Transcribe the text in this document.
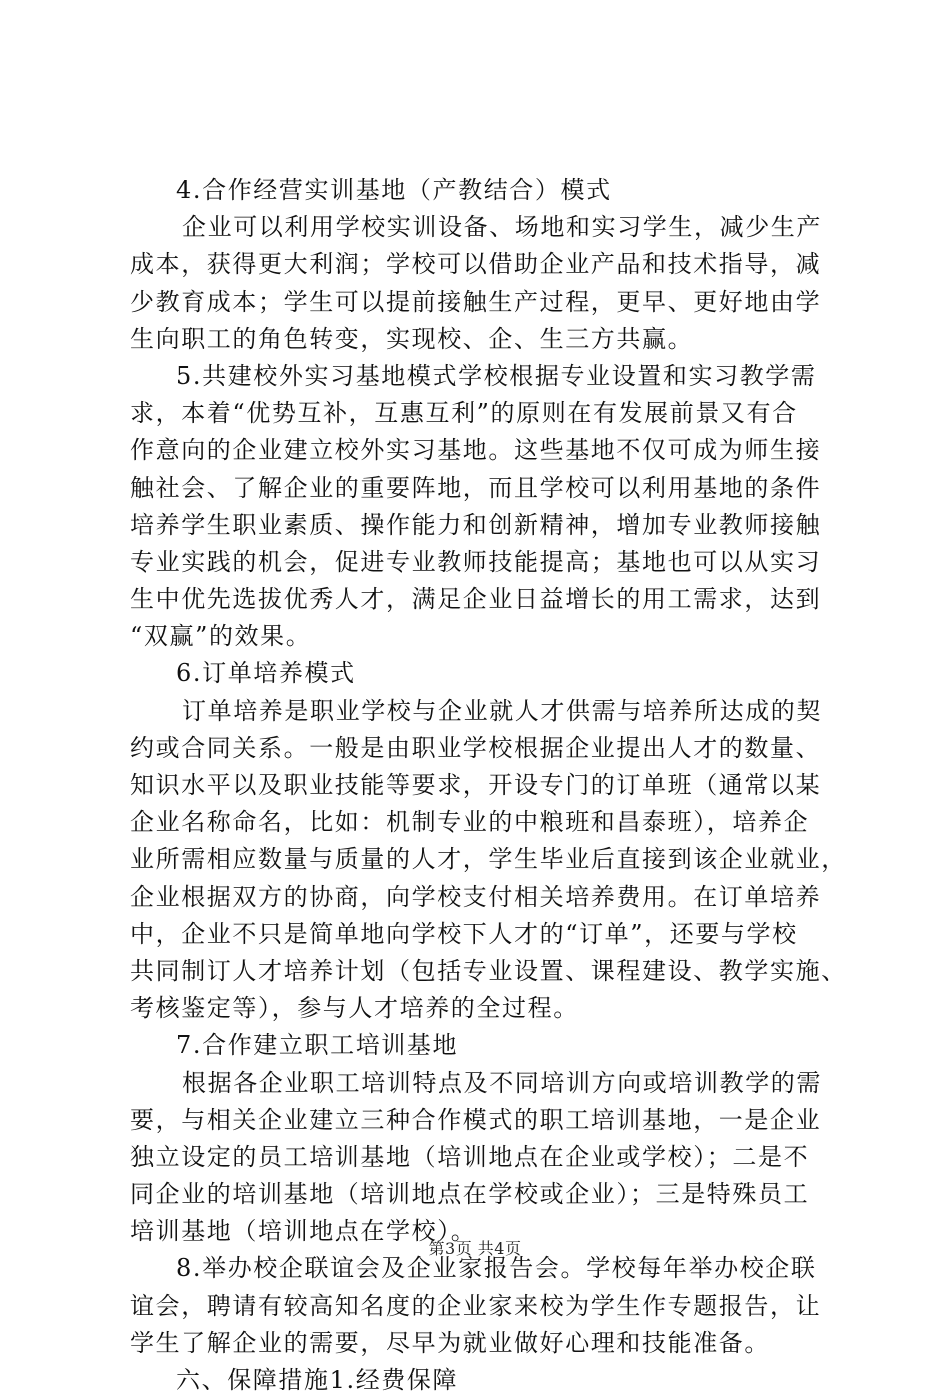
4.合作经营实训基地（产教结合）模式
企业可以利用学校实训设备、场地和实习学生，减少生产
成本，获得更大利润；学校可以借助企业产品和技术指导，减
少教育成本；学生可以提前接触生产过程，更早、更好地由学
生向职工的角色转变，实现校、企、生三方共赢。
5.共建校外实习基地模式学校根据专业设置和实习教学需
求，本着“优势互补，互惠互利”的原则在有发展前景又有合
作意向的企业建立校外实习基地。这些基地不仅可成为师生接
触社会、了解企业的重要阵地，而且学校可以利用基地的条件
培养学生职业素质、操作能力和创新精神，增加专业教师接触
专业实践的机会，促进专业教师技能提高；基地也可以从实习
生中优先选拔优秀人才，满足企业日益增长的用工需求，达到
“双赢”的效果。
6.订单培养模式
订单培养是职业学校与企业就人才供需与培养所达成的契
约或合同关系。一般是由职业学校根据企业提出人才的数量、
知识水平以及职业技能等要求，开设专门的订单班（通常以某
企业名称命名，比如：机制专业的中粮班和昌泰班），培养企
业所需相应数量与质量的人才，学生毕业后直接到该企业就业，
企业根据双方的协商，向学校支付相关培养费用。在订单培养
中，企业不只是简单地向学校下人才的“订单”，还要与学校
共同制订人才培养计划（包括专业设置、课程建设、教学实施、
考核鉴定等），参与人才培养的全过程。
7.合作建立职工培训基地
根据各企业职工培训特点及不同培训方向或培训教学的需
要，与相关企业建立三种合作模式的职工培训基地，一是企业
独立设定的员工培训基地（培训地点在企业或学校）；二是不
同企业的培训基地（培训地点在学校或企业）；三是特殊员工
培训基地（培训地点在学校）。
8.举办校企联谊会及企业家报告会。学校每年举办校企联
谊会，聘请有较高知名度的企业家来校为学生作专题报告，让
学生了解企业的需要，尽早为就业做好心理和技能准备。
六、保障措施1.经费保障
第3页 共4页
